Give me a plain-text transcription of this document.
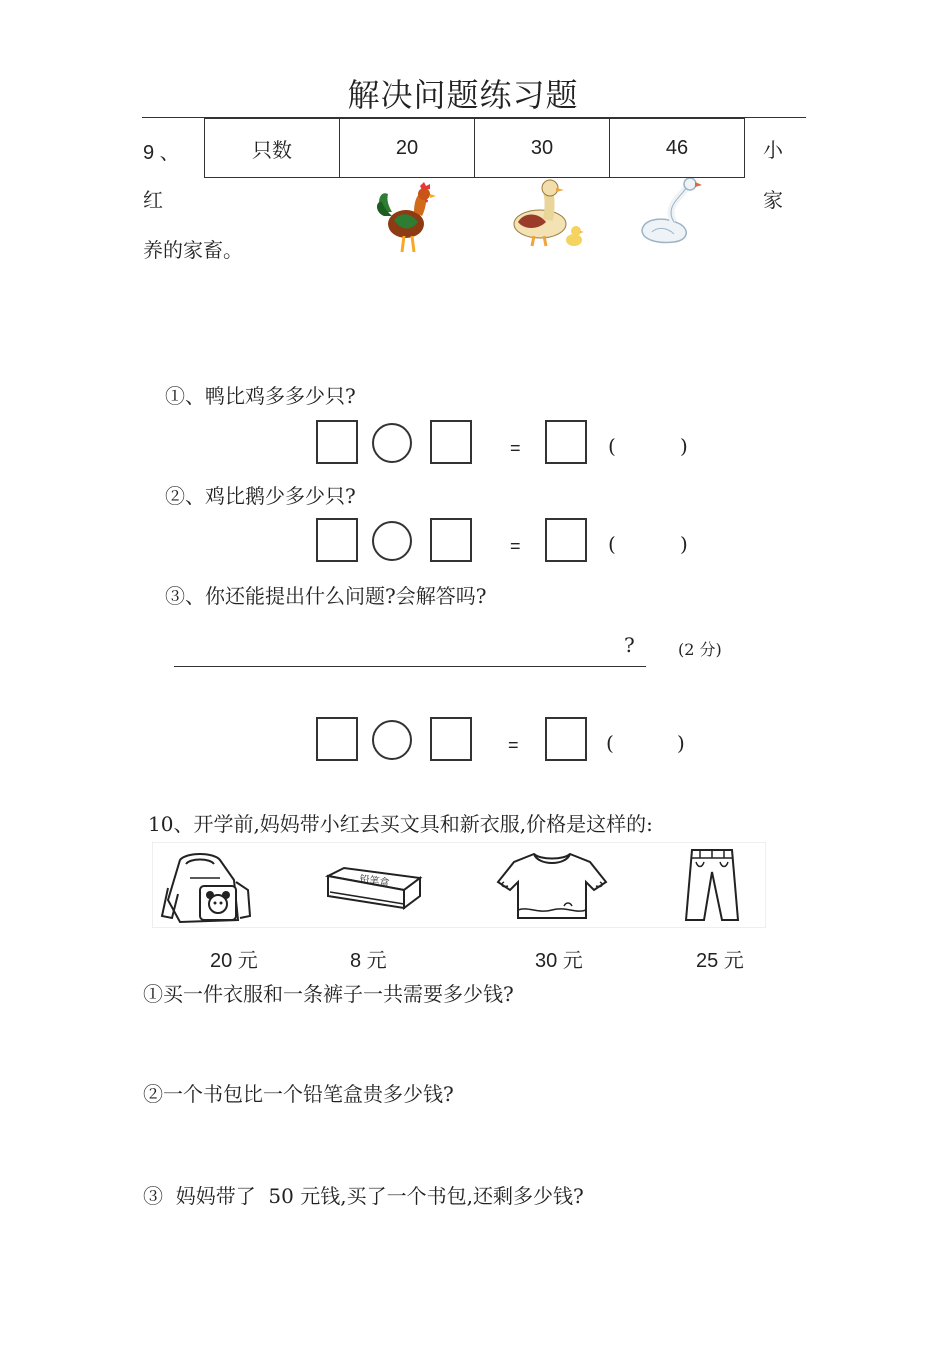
解决问题练习题
9 、	只数	20	30	46	小
红	家
养的家畜。
①、鸭比鸡多多少只?
=	(	)
②、鸡比鹅少多少只?
=	(	)
③、你还能提出什么问题?会解答吗?
?	(2 分)
=	(	)
10、开学前,妈妈带小红去买文具和新衣服,价格是这样的:
铅笔盒
20 元	8 元	30 元	25 元
①买一件衣服和一条裤子一共需要多少钱?
②一个书包比一个铅笔盒贵多少钱?
③  妈妈带了  50 元钱,买了一个书包,还剩多少钱?
